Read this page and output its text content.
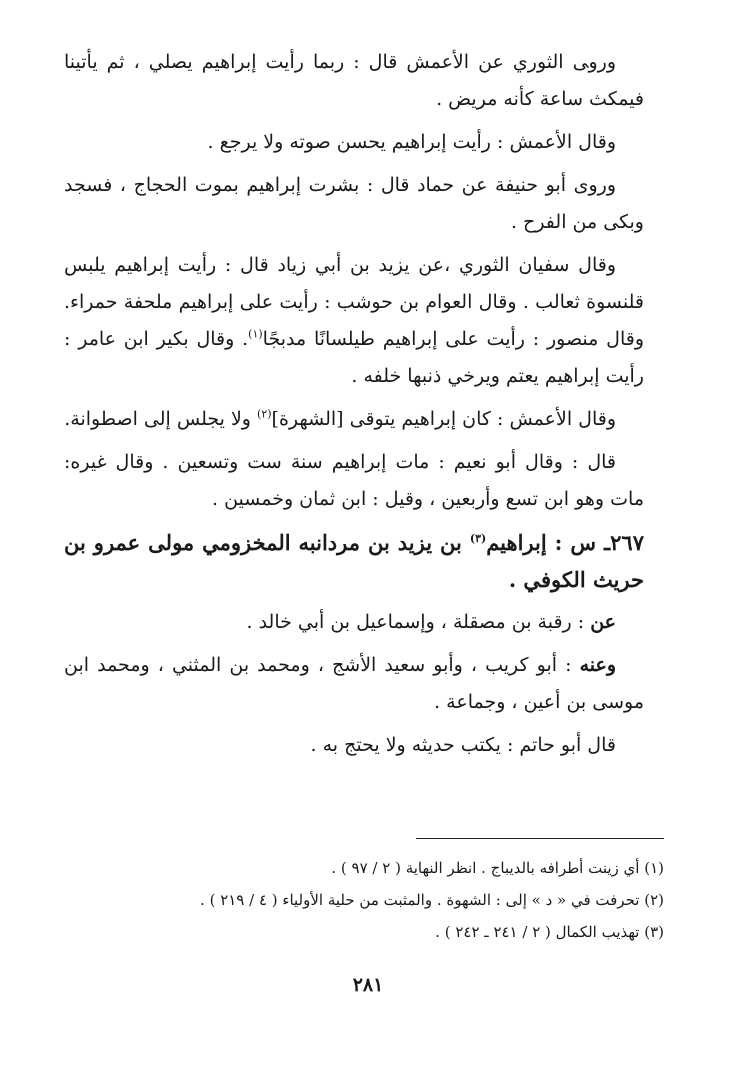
ورو‍ى الثوري عن الأعمش قال : ربما رأيت إبراهيم يصلي ، ثم يأتينا فيمكث ساعة كأنه مريض .

وقال الأعمش : رأيت إبراهيم يحسن صوته ولا يرجع .

وروى أبو حنيفة عن حماد قال : بشرت إبراهيم بموت الحجاج ، فسجد وبكى من الفرح .

وقال سفيان الثوري ،عن يزيد بن أبي زياد قال : رأيت إبراهيم يلبس قلنسوة ثعالب . وقال العوام بن حوشب : رأيت على إبراهيم ملحفة حمراء. وقال منصور : رأيت على إبراهيم طيلسانًا مدبجًا$^{(١)}$. وقال بكير ابن عامر : رأيت إبراهيم يعتم ويرخي ذنبها خلفه .

وقال الأعمش : كان إبراهيم يتوقى [الشهرة]$^{(٢)}$ ولا يجلس إلى اصطوانة.

قال : وقال أبو نعيم : مات إبراهيم سنة ست وتسعين . وقال غيره: مات وهو ابن تسع وأربعين ، وقيل : ابن ثمان وخمسين .

٢٦٧ـ س : إبراهيم$^{(٣)}$ بن يزيد بن مردانبه المخزومي مولى عمرو بن حريث الكوفي .

عن : رقبة بن مصقلة ، وإسماعيل بن أبي خالد .

وعنه : أبو كريب ، وأبو سعيد الأشج ، ومحمد بن المثني ، ومحمد ابن موسى بن أعين ، وجماعة .

قال أبو حاتم : يكتب حديثه ولا يحتج به .

(١) أي زينت أطرافه بالديباج . انظر النهاية ( ٢ / ٩٧ ) .

(٢) تحرفت في « د » إلى : الشهوة . والمثبت من حلية الأولياء ( ٤ / ٢١٩ ) .

(٣) تهذيب الكمال ( ٢ / ٢٤١ ـ ٢٤٢ ) .

٢٨١
